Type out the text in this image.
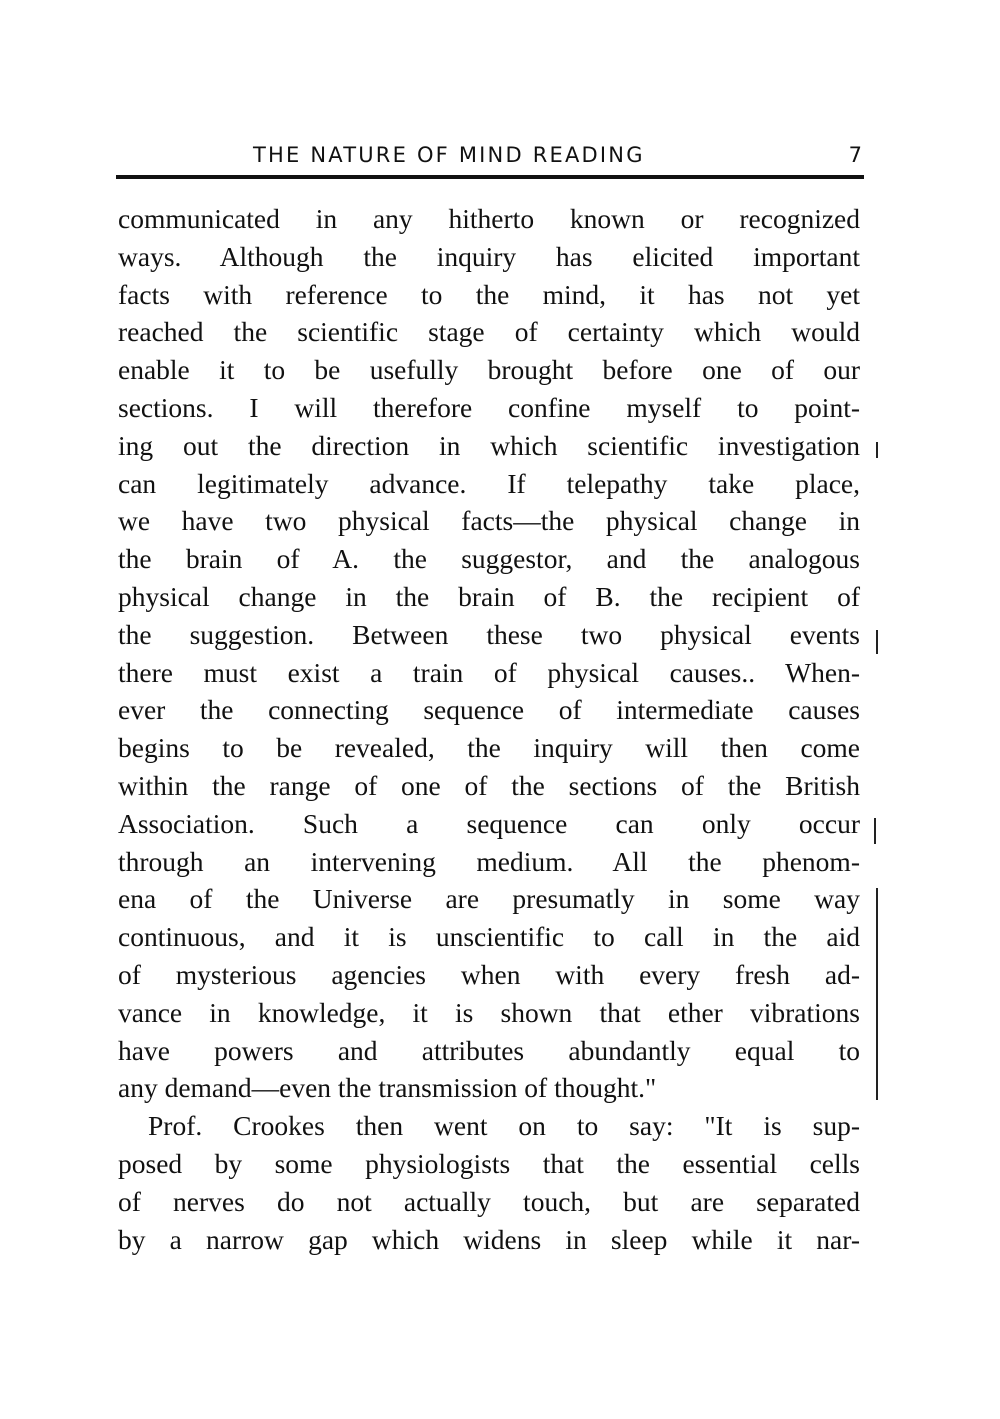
THE NATURE OF MIND READING	7
communicated in any hitherto known or recognized
ways. Although the inquiry has elicited important
facts with reference to the mind, it has not yet
reached the scientific stage of certainty which would
enable it to be usefully brought before one of our
sections. I will therefore confine myself to point-
ing out the direction in which scientific investigation
can legitimately advance. If telepathy take place,
we have two physical facts—the physical change in
the brain of A. the suggestor, and the analogous
physical change in the brain of B. the recipient of
the suggestion. Between these two physical events
there must exist a train of physical causes.. When-
ever the connecting sequence of intermediate causes
begins to be revealed, the inquiry will then come
within the range of one of the sections of the British
Association. Such a sequence can only occur
through an intervening medium. All the phenom-
ena of the Universe are presumatly in some way
continuous, and it is unscientific to call in the aid
of mysterious agencies when with every fresh ad-
vance in knowledge, it is shown that ether vibrations
have powers and attributes abundantly equal to
any demand—even the transmission of thought."
Prof. Crookes then went on to say: "It is sup-
posed by some physiologists that the essential cells
of nerves do not actually touch, but are separated
by a narrow gap which widens in sleep while it nar-
